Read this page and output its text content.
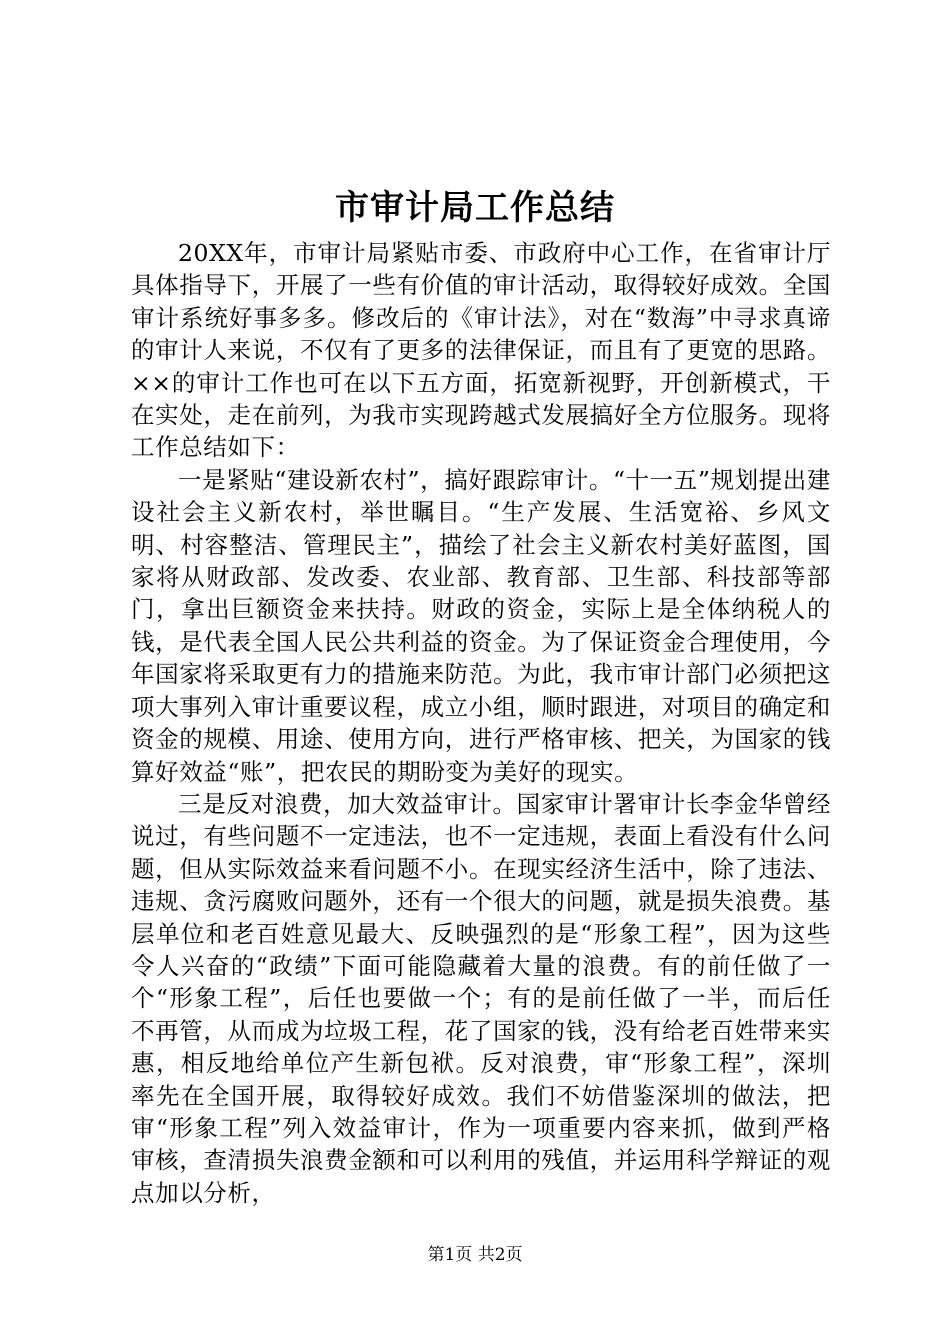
市审计局工作总结

20XX年，市审计局紧贴市委、市政府中心工作，在省审计厅具体指导下，开展了一些有价值的审计活动，取得较好成效。全国审计系统好事多多。修改后的《审计法》，对在“数海”中寻求真谛的审计人来说，不仅有了更多的法律保证，而且有了更宽的思路。××的审计工作也可在以下五方面，拓宽新视野，开创新模式，干在实处，走在前列，为我市实现跨越式发展搞好全方位服务。现将工作总结如下：

一是紧贴“建设新农村”，搞好跟踪审计。“十一五”规划提出建设社会主义新农村，举世瞩目。“生产发展、生活宽裕、乡风文明、村容整洁、管理民主”，描绘了社会主义新农村美好蓝图，国家将从财政部、发改委、农业部、教育部、卫生部、科技部等部门，拿出巨额资金来扶持。财政的资金，实际上是全体纳税人的钱，是代表全国人民公共利益的资金。为了保证资金合理使用，今年国家将采取更有力的措施来防范。为此，我市审计部门必须把这项大事列入审计重要议程，成立小组，顺时跟进，对项目的确定和资金的规模、用途、使用方向，进行严格审核、把关，为国家的钱算好效益“账”，把农民的期盼变为美好的现实。

三是反对浪费，加大效益审计。国家审计署审计长李金华曾经说过，有些问题不一定违法，也不一定违规，表面上看没有什么问题，但从实际效益来看问题不小。在现实经济生活中，除了违法、违规、贪污腐败问题外，还有一个很大的问题，就是损失浪费。基层单位和老百姓意见最大、反映强烈的是“形象工程”，因为这些令人兴奋的“政绩”下面可能隐藏着大量的浪费。有的前任做了一个“形象工程”，后任也要做一个；有的是前任做了一半，而后任不再管，从而成为垃圾工程，花了国家的钱，没有给老百姓带来实惠，相反地给单位产生新包袱。反对浪费，审“形象工程”，深圳率先在全国开展，取得较好成效。我们不妨借鉴深圳的做法，把审“形象工程”列入效益审计，作为一项重要内容来抓，做到严格审核，查清损失浪费金额和可以利用的残值，并运用科学辩证的观点加以分析，

第1页 共2页
